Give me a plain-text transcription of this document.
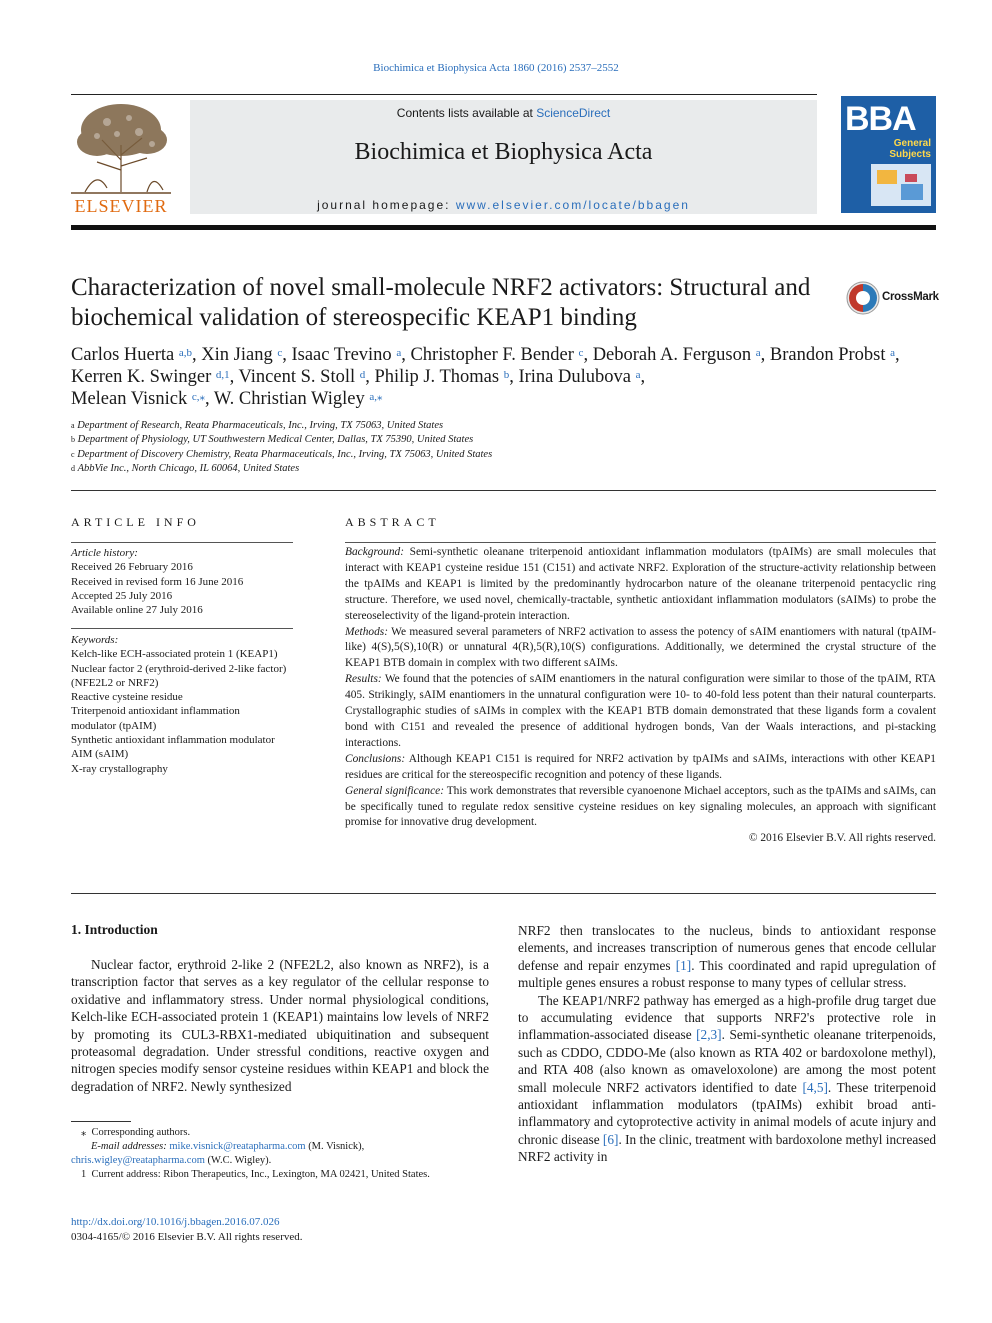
Biochimica et Biophysica Acta 1860 (2016) 2537–2552
ELSEVIER
Contents lists available at ScienceDirect
Biochimica et Biophysica Acta
journal homepage: www.elsevier.com/locate/bbagen
BBA
General
Subjects
Characterization of novel small-molecule NRF2 activators: Structural and
biochemical validation of stereospecific KEAP1 binding
CrossMark
Carlos Huerta $^{a,b}$, Xin Jiang $^c$, Isaac Trevino $^a$, Christopher F. Bender $^c$, Deborah A. Ferguson $^a$, Brandon Probst $^a$,
Kerren K. Swinger $^{d,1}$, Vincent S. Stoll $^d$, Philip J. Thomas $^b$, Irina Dulubova $^a$,
Melean Visnick $^{c,⁎}$, W. Christian Wigley $^{a,⁎}$
$^a$ Department of Research, Reata Pharmaceuticals, Inc., Irving, TX 75063, United States
$^b$ Department of Physiology, UT Southwestern Medical Center, Dallas, TX 75390, United States
$^c$ Department of Discovery Chemistry, Reata Pharmaceuticals, Inc., Irving, TX 75063, United States
$^d$ AbbVie Inc., North Chicago, IL 60064, United States
ARTICLE INFO
Article history:
Received 26 February 2016
Received in revised form 16 June 2016
Accepted 25 July 2016
Available online 27 July 2016
Keywords:
Kelch-like ECH-associated protein 1 (KEAP1)
Nuclear factor 2 (erythroid-derived 2-like factor)
(NFE2L2 or NRF2)
Reactive cysteine residue
Triterpenoid antioxidant inflammation
modulator (tpAIM)
Synthetic antioxidant inflammation modulator
AIM (sAIM)
X-ray crystallography
ABSTRACT

Background: Semi-synthetic oleanane triterpenoid antioxidant inflammation modulators (tpAIMs) are small molecules that interact with KEAP1 cysteine residue 151 (C151) and activate NRF2. Exploration of the structure-activity relationship between the tpAIMs and KEAP1 is limited by the predominantly hydrocarbon nature of the oleanane triterpenoid pentacyclic ring structure. Therefore, we used novel, chemically-tractable, synthetic antioxidant inflammation modulators (sAIMs) to probe the stereoselectivity of the ligand-protein interaction.

Methods: We measured several parameters of NRF2 activation to assess the potency of sAIM enantiomers with natural (tpAIM-like) 4(S),5(S),10(R) or unnatural 4(R),5(R),10(S) configurations. Additionally, we determined the crystal structure of the KEAP1 BTB domain in complex with two different sAIMs.

Results: We found that the potencies of sAIM enantiomers in the natural configuration were similar to those of the tpAIM, RTA 405. Strikingly, sAIM enantiomers in the unnatural configuration were 10- to 40-fold less potent than their natural counterparts. Crystallographic studies of sAIMs in complex with the KEAP1 BTB domain demonstrated that these ligands form a covalent bond with C151 and revealed the presence of additional hydrogen bonds, Van der Waals interactions, and pi-stacking interactions.

Conclusions: Although KEAP1 C151 is required for NRF2 activation by tpAIMs and sAIMs, interactions with other KEAP1 residues are critical for the stereospecific recognition and potency of these ligands.

General significance: This work demonstrates that reversible cyanoenone Michael acceptors, such as the tpAIMs and sAIMs, can be specifically tuned to regulate redox sensitive cysteine residues on key signaling molecules, an approach with significant promise for innovative drug development.

© 2016 Elsevier B.V. All rights reserved.

1. Introduction

Nuclear factor, erythroid 2-like 2 (NFE2L2, also known as NRF2), is a transcription factor that serves as a key regulator of the cellular response to oxidative and inflammatory stress. Under normal physiological conditions, Kelch-like ECH-associated protein 1 (KEAP1) maintains low levels of NRF2 by promoting its CUL3-RBX1-mediated ubiquitination and subsequent proteasomal degradation. Under stressful conditions, reactive oxygen and nitrogen species modify sensor cysteine residues within KEAP1 and block the degradation of NRF2. Newly synthesized

NRF2 then translocates to the nucleus, binds to antioxidant response elements, and increases transcription of numerous genes that encode cellular defense and repair enzymes [1]. This coordinated and rapid upregulation of multiple genes ensures a robust response to many types of cellular stress.

The KEAP1/NRF2 pathway has emerged as a high-profile drug target due to accumulating evidence that supports NRF2's protective role in inflammation-associated disease [2,3]. Semi-synthetic oleanane triterpenoids, such as CDDO, CDDO-Me (also known as RTA 402 or bardoxolone methyl), and RTA 408 (also known as omaveloxolone) are among the most potent small molecule NRF2 activators identified to date [4,5]. These triterpenoid antioxidant inflammation modulators (tpAIMs) exhibit broad anti-inflammatory and cytoprotective activity in animal models of acute injury and chronic disease [6]. In the clinic, treatment with bardoxolone methyl increased NRF2 activity in

⁎ Corresponding authors.
E-mail addresses: mike.visnick@reatapharma.com (M. Visnick),
chris.wigley@reatapharma.com (W.C. Wigley).
1 Current address: Ribon Therapeutics, Inc., Lexington, MA 02421, United States.
http://dx.doi.org/10.1016/j.bbagen.2016.07.026
0304-4165/© 2016 Elsevier B.V. All rights reserved.
